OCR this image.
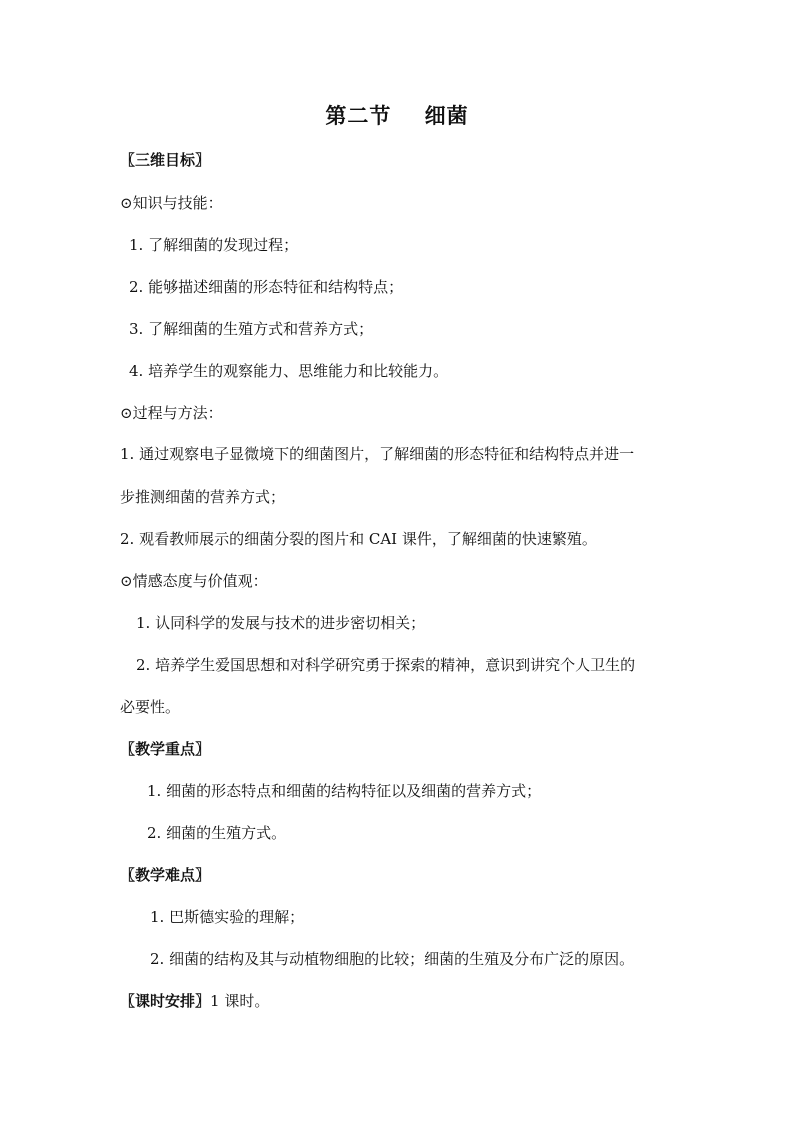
第二节    细菌
〖三维目标〗
⊙知识与技能：
1. 了解细菌的发现过程；
2. 能够描述细菌的形态特征和结构特点；
3. 了解细菌的生殖方式和营养方式；
4. 培养学生的观察能力、思维能力和比较能力。
⊙过程与方法：
1. 通过观察电子显微境下的细菌图片，了解细菌的形态特征和结构特点并进一
步推测细菌的营养方式；
2. 观看教师展示的细菌分裂的图片和 CAI 课件，了解细菌的快速繁殖。
⊙情感态度与价值观：
1. 认同科学的发展与技术的进步密切相关；
2. 培养学生爱国思想和对科学研究勇于探索的精神，意识到讲究个人卫生的
必要性。
〖教学重点〗
1. 细菌的形态特点和细菌的结构特征以及细菌的营养方式；
2. 细菌的生殖方式。
〖教学难点〗
1. 巴斯德实验的理解；
2. 细菌的结构及其与动植物细胞的比较；细菌的生殖及分布广泛的原因。
〖课时安排〗1 课时。
